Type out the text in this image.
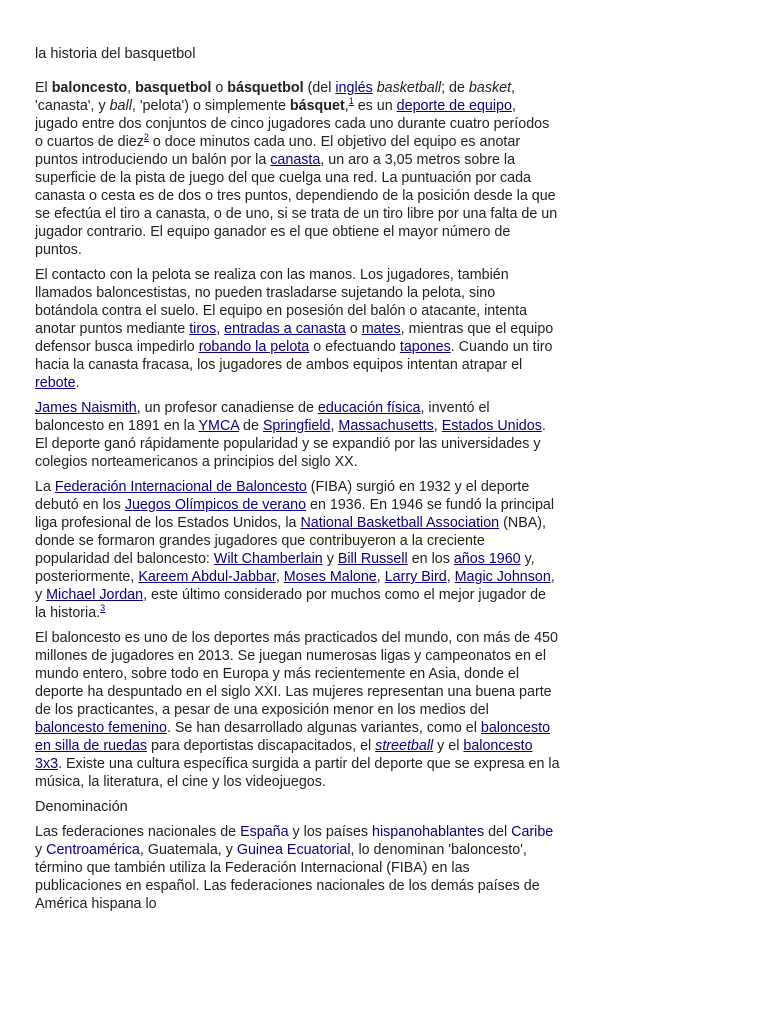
la historia del basquetbol

El baloncesto, basquetbol o básquetbol (del inglés basketball; de basket, 'canasta', y ball, 'pelota') o simplemente básquet,$^1$ es un deporte de equipo, jugado entre dos conjuntos de cinco jugadores cada uno durante cuatro períodos o cuartos de diez$^2$ o doce minutos cada uno. El objetivo del equipo es anotar puntos introduciendo un balón por la canasta, un aro a 3,05 metros sobre la superficie de la pista de juego del que cuelga una red. La puntuación por cada canasta o cesta es de dos o tres puntos, dependiendo de la posición desde la que se efectúa el tiro a canasta, o de uno, si se trata de un tiro libre por una falta de un jugador contrario. El equipo ganador es el que obtiene el mayor número de puntos.

El contacto con la pelota se realiza con las manos. Los jugadores, también llamados baloncestistas, no pueden trasladarse sujetando la pelota, sino botándola contra el suelo. El equipo en posesión del balón o atacante, intenta anotar puntos mediante tiros, entradas a canasta o mates, mientras que el equipo defensor busca impedirlo robando la pelota o efectuando tapones. Cuando un tiro hacia la canasta fracasa, los jugadores de ambos equipos intentan atrapar el rebote.

James Naismith, un profesor canadiense de educación física, inventó el baloncesto en 1891 en la YMCA de Springfield, Massachusetts, Estados Unidos. El deporte ganó rápidamente popularidad y se expandió por las universidades y colegios norteamericanos a principios del siglo XX.

La Federación Internacional de Baloncesto (FIBA) surgió en 1932 y el deporte debutó en los Juegos Olímpicos de verano en 1936. En 1946 se fundó la principal liga profesional de los Estados Unidos, la National Basketball Association (NBA), donde se formaron grandes jugadores que contribuyeron a la creciente popularidad del baloncesto: Wilt Chamberlain y Bill Russell en los años 1960 y, posteriormente, Kareem Abdul-Jabbar, Moses Malone, Larry Bird, Magic Johnson, y Michael Jordan, este último considerado por muchos como el mejor jugador de la historia.$^3$

El baloncesto es uno de los deportes más practicados del mundo, con más de 450 millones de jugadores en 2013. Se juegan numerosas ligas y campeonatos en el mundo entero, sobre todo en Europa y más recientemente en Asia, donde el deporte ha despuntado en el siglo XXI. Las mujeres representan una buena parte de los practicantes, a pesar de una exposición menor en los medios del baloncesto femenino. Se han desarrollado algunas variantes, como el baloncesto en silla de ruedas para deportistas discapacitados, el streetball y el baloncesto 3x3. Existe una cultura específica surgida a partir del deporte que se expresa en la música, la literatura, el cine y los videojuegos.

Denominación

Las federaciones nacionales de España y los países hispanohablantes del Caribe y Centroamérica, Guatemala, y Guinea Ecuatorial, lo denominan 'baloncesto', término que también utiliza la Federación Internacional (FIBA) en las publicaciones en español. Las federaciones nacionales de los demás países de América hispana lo
